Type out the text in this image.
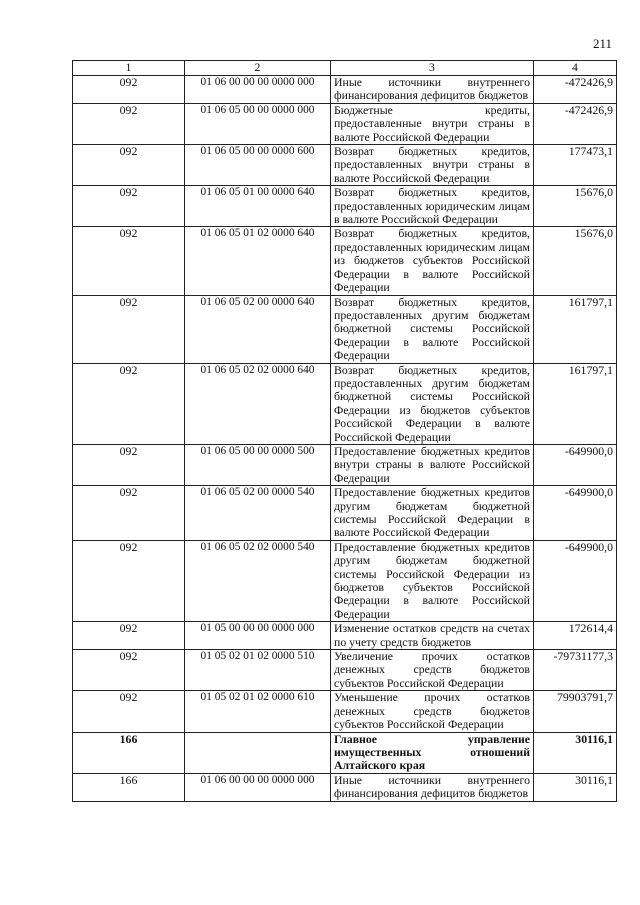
211
1	2	3	4
092	01 06 00 00 00 0000 000	Иные источники внутреннего финансирования дефицитов бюджетов	-472426,9
092	01 06 05 00 00 0000 000	Бюджетные кредиты, предоставленные внутри страны в валюте Российской Федерации	-472426,9
092	01 06 05 00 00 0000 600	Возврат бюджетных кредитов, предоставленных внутри страны в валюте Российской Федерации	177473,1
092	01 06 05 01 00 0000 640	Возврат бюджетных кредитов, предоставленных юридическим лицам в валюте Российской Федерации	15676,0
092	01 06 05 01 02 0000 640	Возврат бюджетных кредитов, предоставленных юридическим лицам из бюджетов субъектов Российской Федерации в валюте Российской Федерации	15676,0
092	01 06 05 02 00 0000 640	Возврат бюджетных кредитов, предоставленных другим бюджетам бюджетной системы Российской Федерации в валюте Российской Федерации	161797,1
092	01 06 05 02 02 0000 640	Возврат бюджетных кредитов, предоставленных другим бюджетам бюджетной системы Российской Федерации из бюджетов субъектов Российской Федерации в валюте Российской Федерации	161797,1
092	01 06 05 00 00 0000 500	Предоставление бюджетных кредитов внутри страны в валюте Российской Федерации	-649900,0
092	01 06 05 02 00 0000 540	Предоставление бюджетных кредитов другим бюджетам бюджетной системы Российской Федерации в валюте Российской Федерации	-649900,0
092	01 06 05 02 02 0000 540	Предоставление бюджетных кредитов другим бюджетам бюджетной системы Российской Федерации из бюджетов субъектов Российской Федерации в валюте Российской Федерации	-649900,0
092	01 05 00 00 00 0000 000	Изменение остатков средств на счетах по учету средств бюджетов	172614,4
092	01 05 02 01 02 0000 510	Увеличение прочих остатков денежных средств бюджетов субъектов Российской Федерации	-79731177,3
092	01 05 02 01 02 0000 610	Уменьшение прочих остатков денежных средств бюджетов субъектов Российской Федерации	79903791,7
166		Главное управление имущественных отношений Алтайского края	30116,1
166	01 06 00 00 00 0000 000	Иные источники внутреннего финансирования дефицитов бюджетов	30116,1
